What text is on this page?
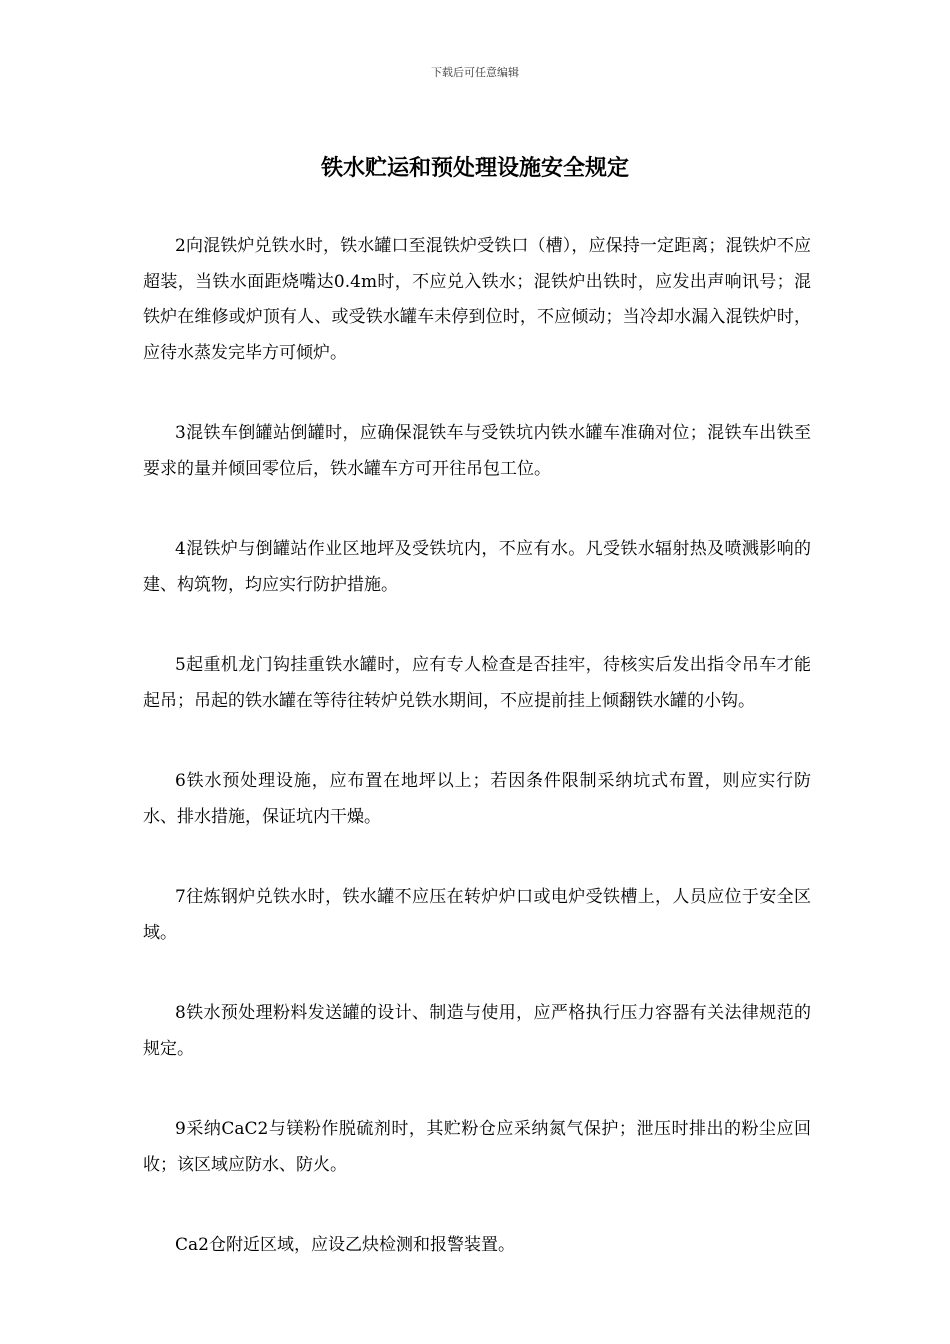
下载后可任意编辑
铁水贮运和预处理设施安全规定

2向混铁炉兑铁水时，铁水罐口至混铁炉受铁口（槽），应保持一定距离；混铁炉不应超装，当铁水面距烧嘴达0.4m时，不应兑入铁水；混铁炉出铁时，应发出声响讯号；混铁炉在维修或炉顶有人、或受铁水罐车未停到位时，不应倾动；当冷却水漏入混铁炉时，应待水蒸发完毕方可倾炉。

3混铁车倒罐站倒罐时，应确保混铁车与受铁坑内铁水罐车准确对位；混铁车出铁至要求的量并倾回零位后，铁水罐车方可开往吊包工位。

4混铁炉与倒罐站作业区地坪及受铁坑内，不应有水。凡受铁水辐射热及喷溅影响的建、构筑物，均应实行防护措施。

5起重机龙门钩挂重铁水罐时，应有专人检查是否挂牢，待核实后发出指令吊车才能起吊；吊起的铁水罐在等待往转炉兑铁水期间，不应提前挂上倾翻铁水罐的小钩。

6铁水预处理设施，应布置在地坪以上；若因条件限制采纳坑式布置，则应实行防水、排水措施，保证坑内干燥。

7往炼钢炉兑铁水时，铁水罐不应压在转炉炉口或电炉受铁槽上，人员应位于安全区域。

8铁水预处理粉料发送罐的设计、制造与使用，应严格执行压力容器有关法律规范的规定。

9采纳CaC2与镁粉作脱硫剂时，其贮粉仓应采纳氮气保护；泄压时排出的粉尘应回收；该区域应防水、防火。

Ca2仓附近区域，应设乙炔检测和报警装置。
